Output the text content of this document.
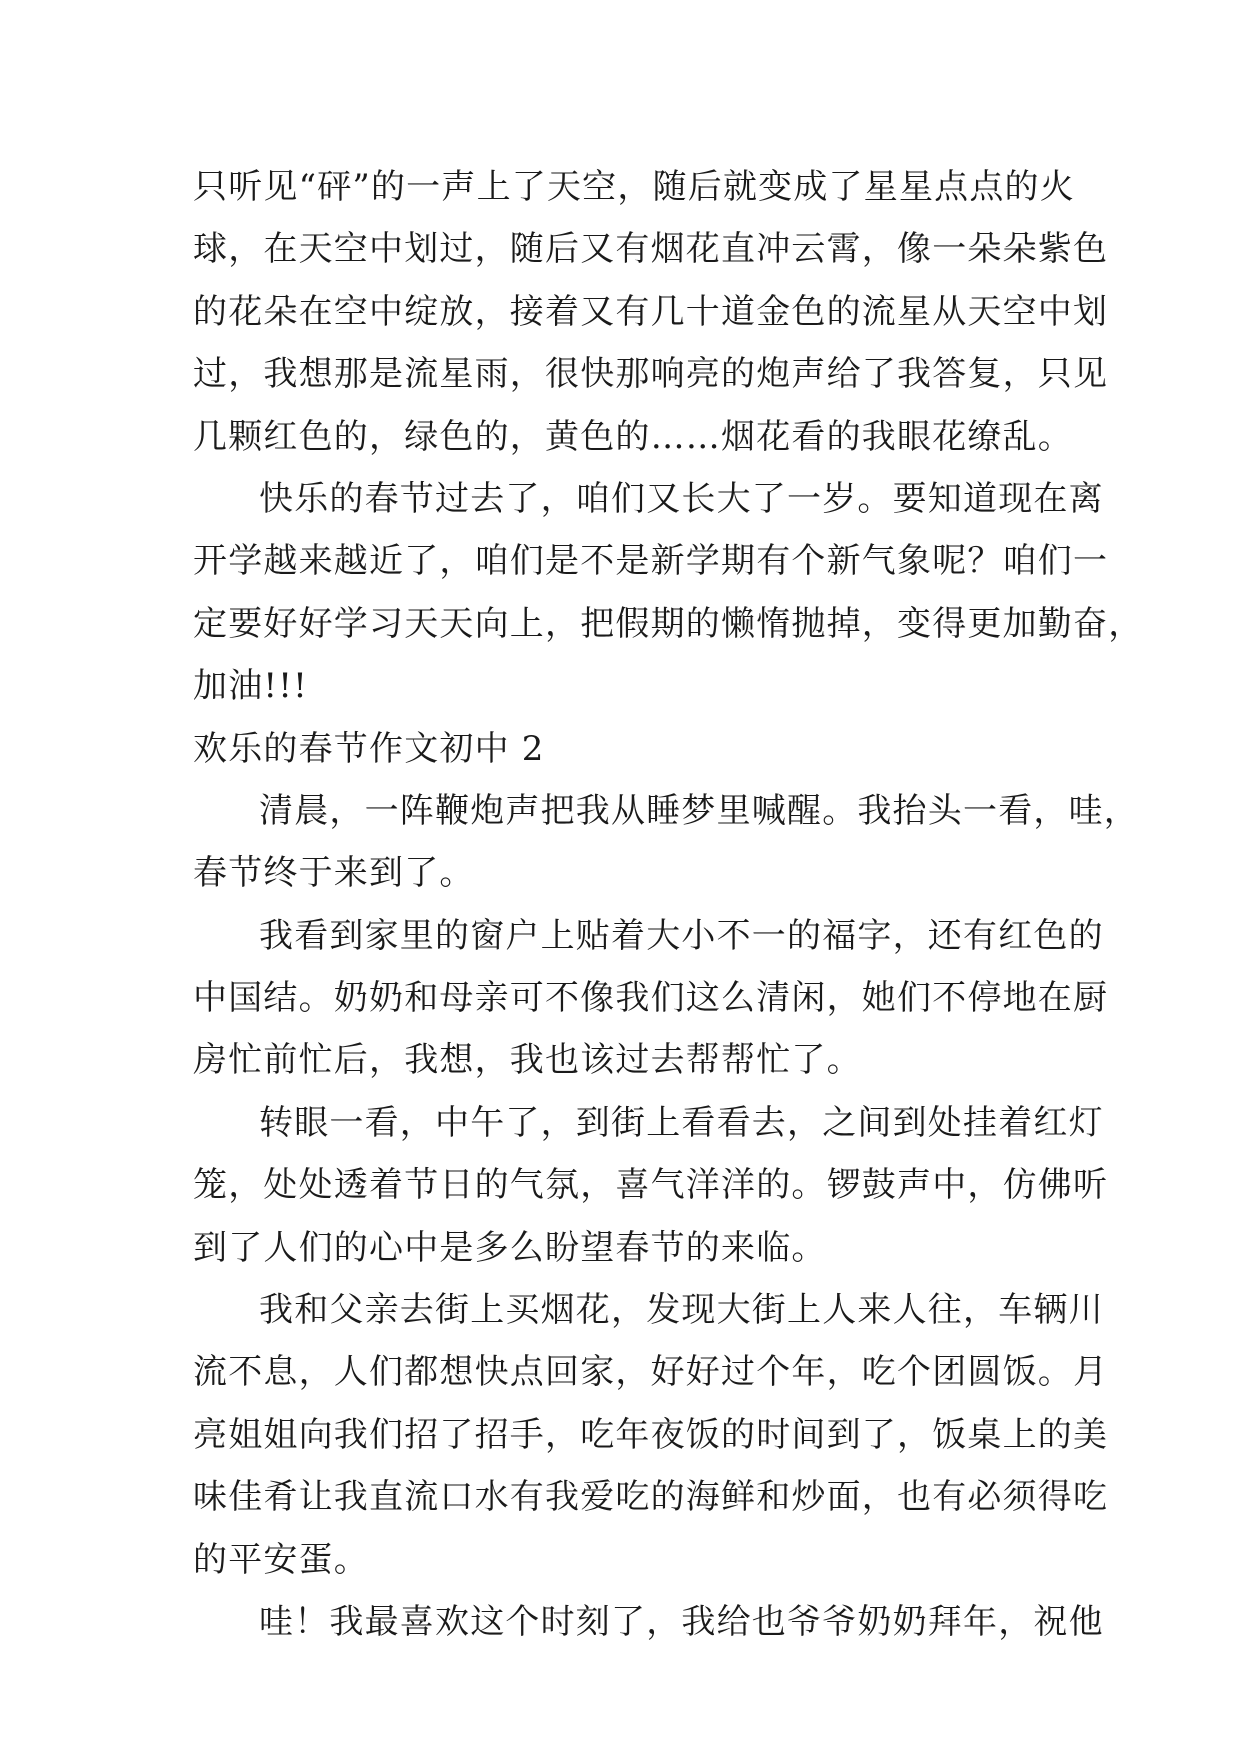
只听见“砰”的一声上了天空，随后就变成了星星点点的火
球，在天空中划过，随后又有烟花直冲云霄，像一朵朵紫色
的花朵在空中绽放，接着又有几十道金色的流星从天空中划
过，我想那是流星雨，很快那响亮的炮声给了我答复，只见
几颗红色的，绿色的，黄色的……烟花看的我眼花缭乱。
快乐的春节过去了，咱们又长大了一岁。要知道现在离
开学越来越近了，咱们是不是新学期有个新气象呢？咱们一
定要好好学习天天向上，把假期的懒惰抛掉，变得更加勤奋，
加油!!!
欢乐的春节作文初中 2
清晨，一阵鞭炮声把我从睡梦里喊醒。我抬头一看，哇，
春节终于来到了。
我看到家里的窗户上贴着大小不一的福字，还有红色的
中国结。奶奶和母亲可不像我们这么清闲，她们不停地在厨
房忙前忙后，我想，我也该过去帮帮忙了。
转眼一看，中午了，到街上看看去，之间到处挂着红灯
笼，处处透着节日的气氛，喜气洋洋的。锣鼓声中，仿佛听
到了人们的心中是多么盼望春节的来临。
我和父亲去街上买烟花，发现大街上人来人往，车辆川
流不息，人们都想快点回家，好好过个年，吃个团圆饭。月
亮姐姐向我们招了招手，吃年夜饭的时间到了，饭桌上的美
味佳肴让我直流口水有我爱吃的海鲜和炒面，也有必须得吃
的平安蛋。
哇！我最喜欢这个时刻了，我给也爷爷奶奶拜年，祝他
